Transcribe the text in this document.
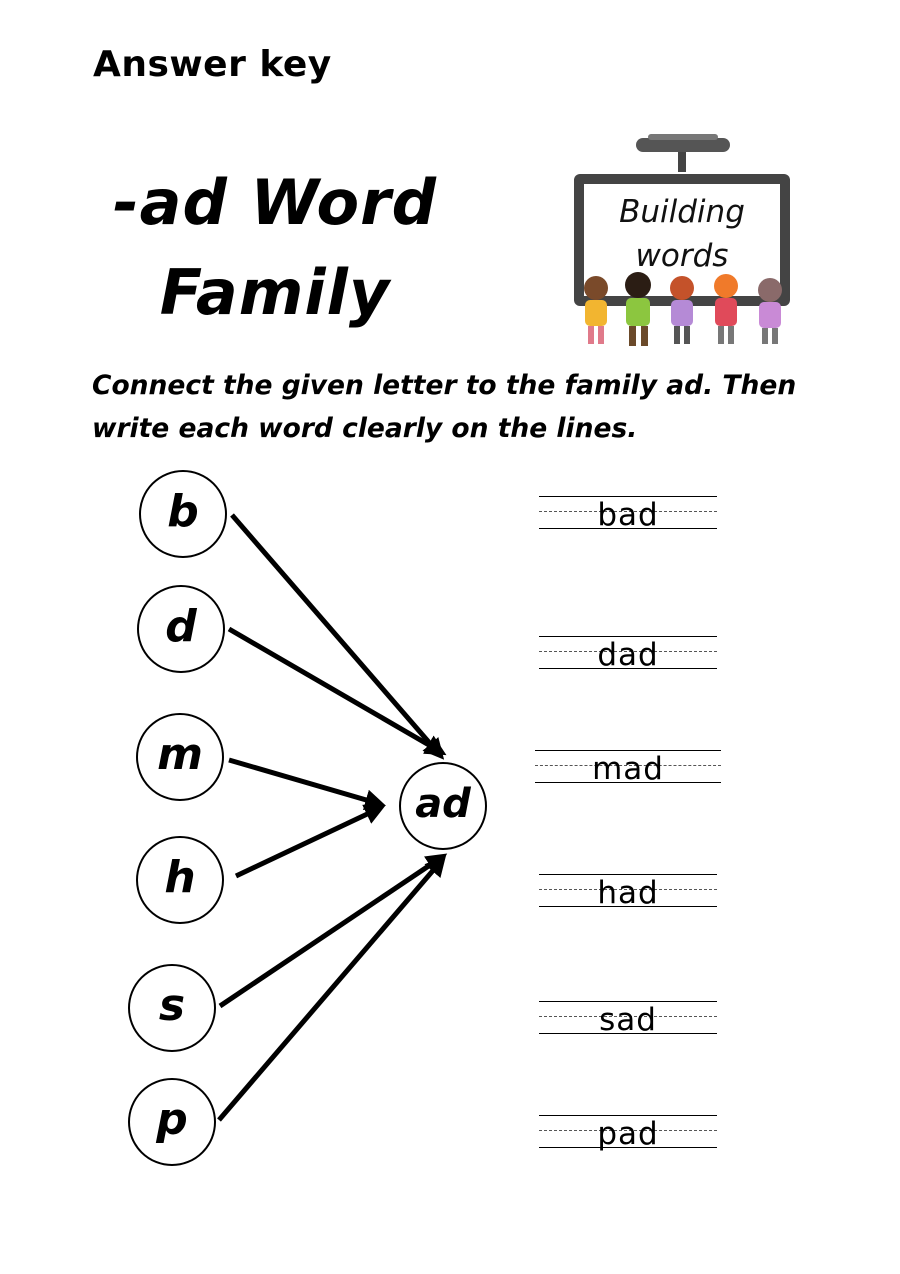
Answer key
-ad Word
Family
Building
words
Connect the given letter to the family ad. Then
write each word clearly on the lines.
b
d
m
h
s
p
ad
bad
dad
mad
had
sad
pad
